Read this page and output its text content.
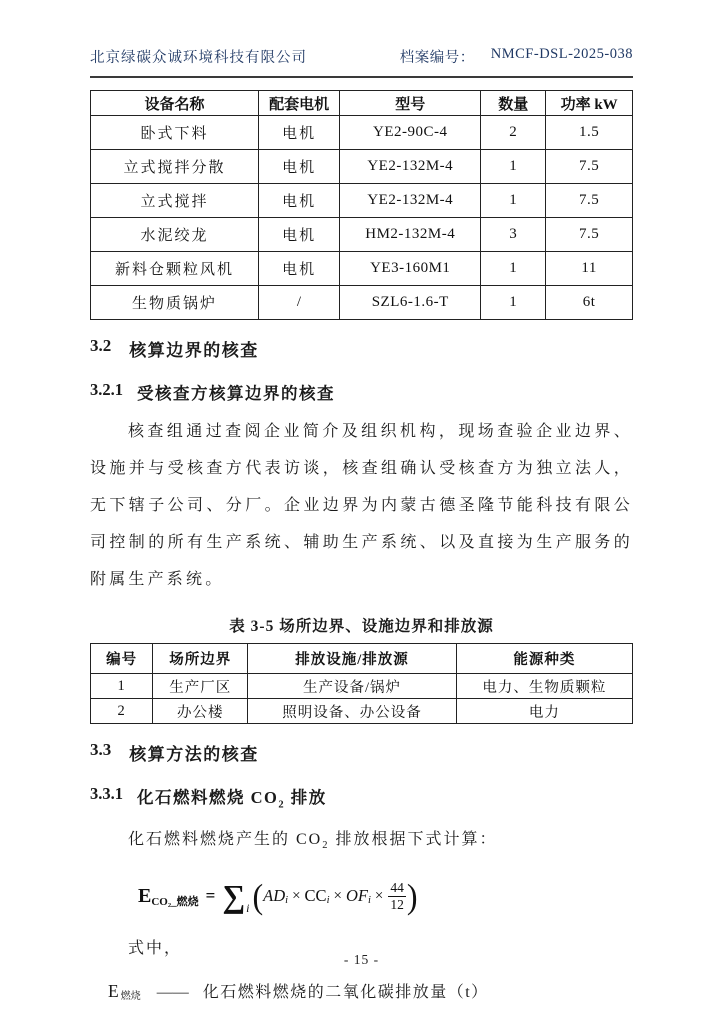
北京绿碳众诚环境科技有限公司	档案编号： NMCF-DSL-2025-038
设备名称	配套电机	型号	数量	功率 kW
卧式下料	电机	YE2-90C-4	2	1.5
立式搅拌分散	电机	YE2-132M-4	1	7.5
立式搅拌	电机	YE2-132M-4	1	7.5
水泥绞龙	电机	HM2-132M-4	3	7.5
新料仓颗粒风机	电机	YE3-160M1	1	11
生物质锅炉	/	SZL6-1.6-T	1	6t
3.2 核算边界的核查
3.2.1 受核查方核算边界的核查
核查组通过查阅企业简介及组织机构，现场查验企业边界、设施并与受核查方代表访谈，核查组确认受核查方为独立法人，无下辖子公司、分厂。企业边界为内蒙古德圣隆节能科技有限公司控制的所有生产系统、辅助生产系统、以及直接为生产服务的附属生产系统。
表 3-5 场所边界、设施边界和排放源
编号	场所边界	排放设施/排放源	能源种类
1	生产厂区	生产设备/锅炉	电力、生物质颗粒
2	办公楼	照明设备、办公设备	电力
3.3 核算方法的核查
3.3.1 化石燃料燃烧 $CO_2$ 排放
化石燃料燃烧产生的 $CO_2$ 排放根据下式计算：
E CO₂_燃烧 = ∑ i ( AD i × CC i × OF $i \times \frac{44}{12}$ )
式中，
E 燃烧 —— 化石燃料燃烧的二氧化碳排放量（t）
- 15 -
